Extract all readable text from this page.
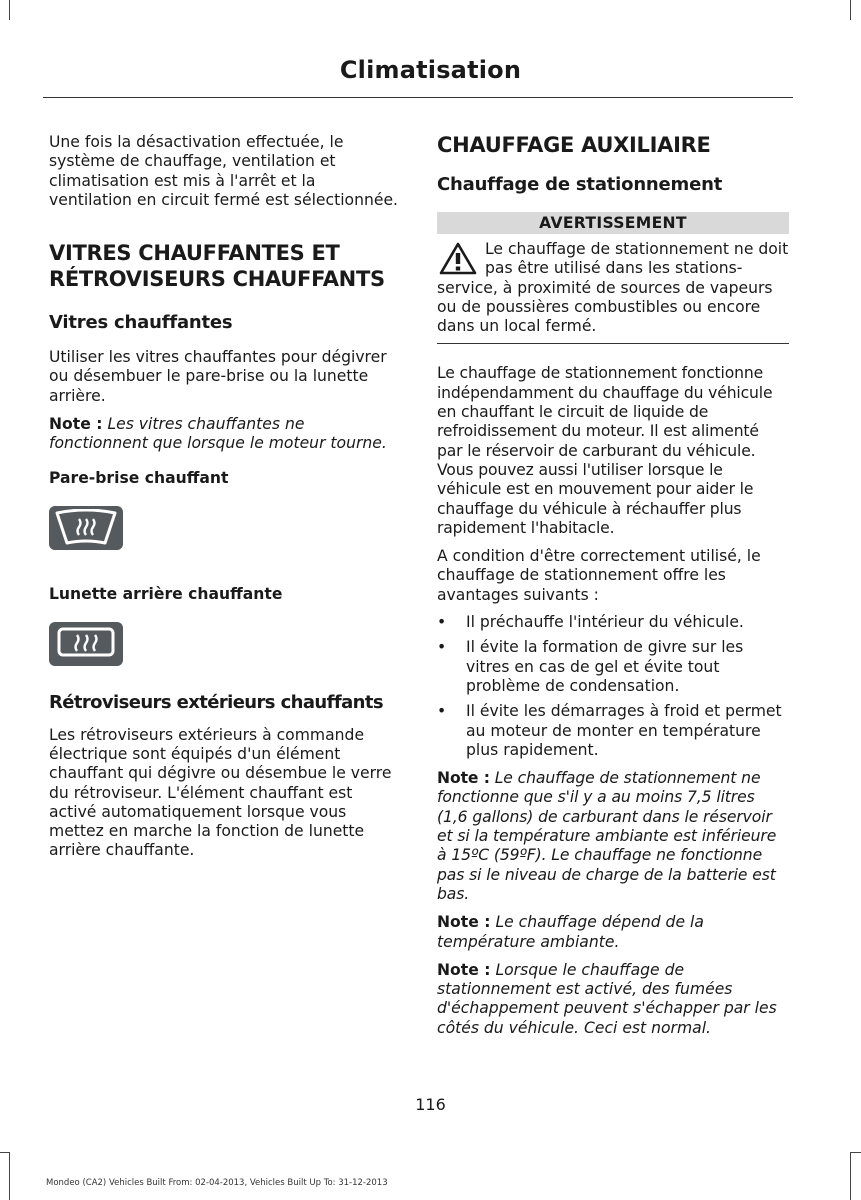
Climatisation

Une fois la désactivation effectuée, le système de chauffage, ventilation et climatisation est mis à l'arrêt et la ventilation en circuit fermé est sélectionnée.

VITRES CHAUFFANTES ET RÉTROVISEURS CHAUFFANTS
Vitres chauffantes

Utiliser les vitres chauffantes pour dégivrer ou désembuer le pare-brise ou la lunette arrière.

Note : Les vitres chauffantes ne fonctionnent que lorsque le moteur tourne.

Pare-brise chauffant
Lunette arrière chauffante
Rétroviseurs extérieurs chauffants

Les rétroviseurs extérieurs à commande électrique sont équipés d'un élément chauffant qui dégivre ou désembue le verre du rétroviseur. L'élément chauffant est activé automatiquement lorsque vous mettez en marche la fonction de lunette arrière chauffante.

CHAUFFAGE AUXILIAIRE
Chauffage de stationnement
AVERTISSEMENT

Le chauffage de stationnement ne doit pas être utilisé dans les stations-service, à proximité de sources de vapeurs ou de poussières combustibles ou encore dans un local fermé.

Le chauffage de stationnement fonctionne indépendamment du chauffage du véhicule en chauffant le circuit de liquide de refroidissement du moteur. Il est alimenté par le réservoir de carburant du véhicule. Vous pouvez aussi l'utiliser lorsque le véhicule est en mouvement pour aider le chauffage du véhicule à réchauffer plus rapidement l'habitacle.

A condition d'être correctement utilisé, le chauffage de stationnement offre les avantages suivants :

• Il préchauffe l'intérieur du véhicule.
• Il évite la formation de givre sur les vitres en cas de gel et évite tout problème de condensation.
• Il évite les démarrages à froid et permet au moteur de monter en température plus rapidement.

Note : Le chauffage de stationnement ne fonctionne que s'il y a au moins 7,5 litres (1,6 gallons) de carburant dans le réservoir et si la température ambiante est inférieure à 15ºC (59ºF). Le chauffage ne fonctionne pas si le niveau de charge de la batterie est bas.

Note : Le chauffage dépend de la température ambiante.

Note : Lorsque le chauffage de stationnement est activé, des fumées d'échappement peuvent s'échapper par les côtés du véhicule. Ceci est normal.

116
Mondeo (CA2) Vehicles Built From: 02-04-2013, Vehicles Built Up To: 31-12-2013
